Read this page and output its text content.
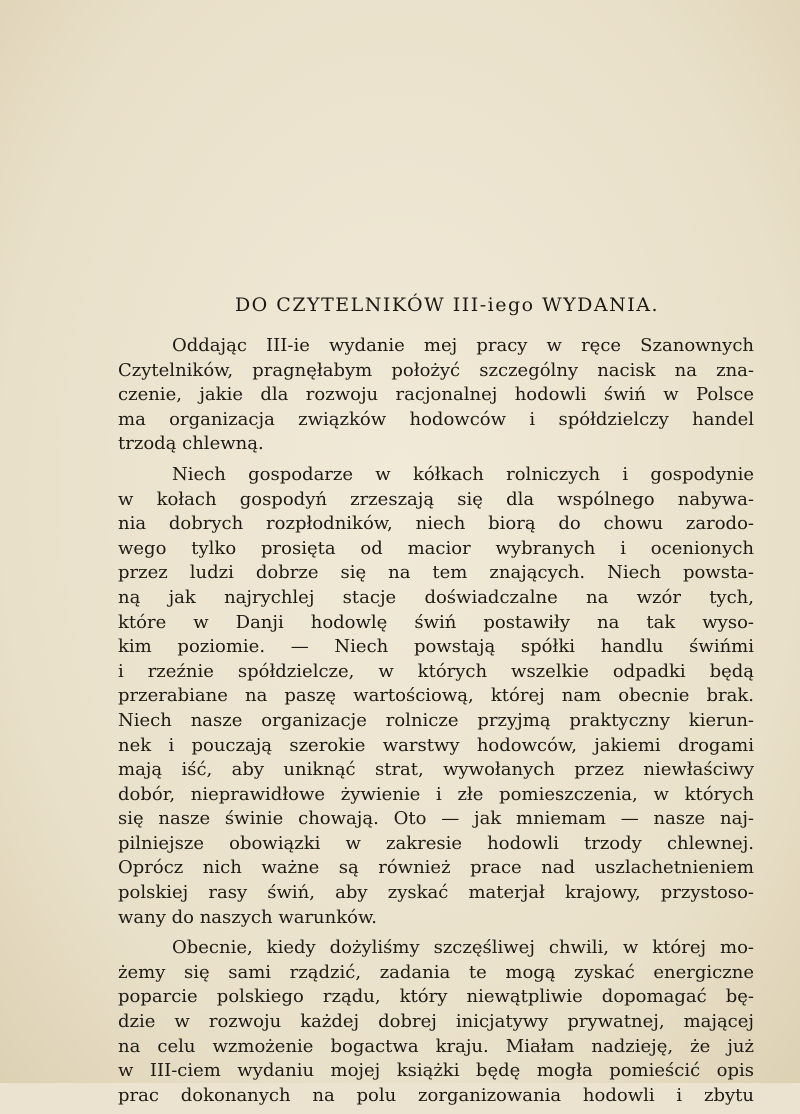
DO CZYTELNIKÓW III-iego WYDANIA.
Oddając III-ie wydanie mej pracy w ręce Szanownych
Czytelników, pragnęłabym położyć szczególny nacisk na zna-
czenie, jakie dla rozwoju racjonalnej hodowli świń w Polsce
ma organizacja związków hodowców i spółdzielczy handel
trzodą chlewną.
Niech gospodarze w kółkach rolniczych i gospodynie
w kołach gospodyń zrzeszają się dla wspólnego nabywa-
nia dobrych rozpłodników, niech biorą do chowu zarodo-
wego tylko prosięta od macior wybranych i ocenionych
przez ludzi dobrze się na tem znających. Niech powsta-
ną jak najrychlej stacje doświadczalne na wzór tych,
które w Danji hodowlę świń postawiły na tak wyso-
kim poziomie. — Niech powstają spółki handlu świńmi
i rzeźnie spółdzielcze, w których wszelkie odpadki będą
przerabiane na paszę wartościową, której nam obecnie brak.
Niech nasze organizacje rolnicze przyjmą praktyczny kierun-
nek i pouczają szerokie warstwy hodowców, jakiemi drogami
mają iść, aby uniknąć strat, wywołanych przez niewłaściwy
dobór, nieprawidłowe żywienie i złe pomieszczenia, w których
się nasze świnie chowają. Oto — jak mniemam — nasze naj-
pilniejsze obowiązki w zakresie hodowli trzody chlewnej.
Oprócz nich ważne są również prace nad uszlachetnieniem
polskiej rasy świń, aby zyskać materjał krajowy, przystoso-
wany do naszych warunków.
Obecnie, kiedy dożyliśmy szczęśliwej chwili, w której mo-
żemy się sami rządzić, zadania te mogą zyskać energiczne
poparcie polskiego rządu, który niewątpliwie dopomagać bę-
dzie w rozwoju każdej dobrej inicjatywy prywatnej, mającej
na celu wzmożenie bogactwa kraju. Miałam nadzieję, że już
w III-ciem wydaniu mojej książki będę mogła pomieścić opis
prac dokonanych na polu zorganizowania hodowli i zbytu
